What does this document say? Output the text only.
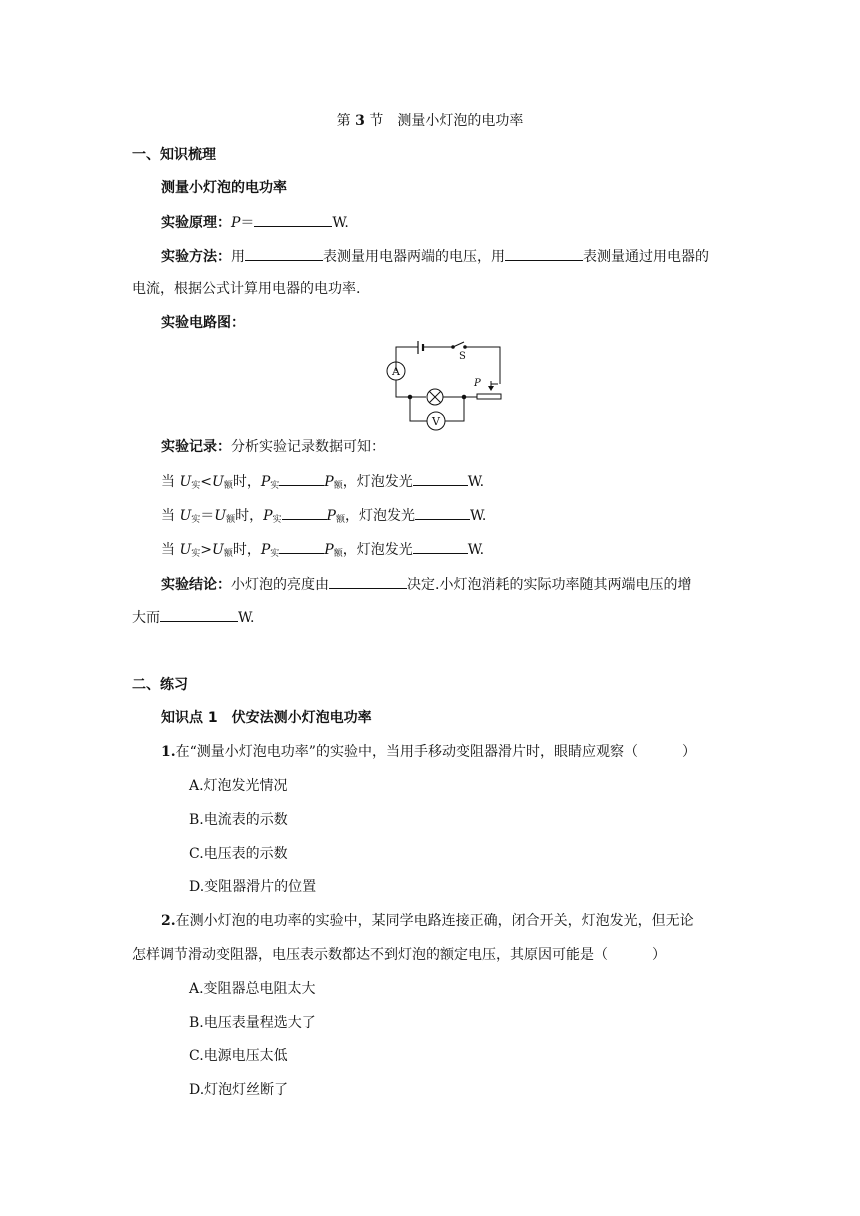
第 3 节　测量小灯泡的电功率
一、知识梳理
测量小灯泡的电功率
实验原理：P＝	W.
实验方法：用	表测量用电器两端的电压，用	表测量通过用电器的
电流，根据公式计算用电器的电功率.
实验电路图：
A
V
S
P
实验记录：分析实验记录数据可知：
当 $U_实<U_额$时，$P_实$	$P_额$，灯泡发光	W.
当 $U_实=U_额$时，$P_实$	$P_额$，灯泡发光	W.
当 $U_实>U_额$时，$P_实$	$P_额$，灯泡发光	W.
实验结论：小灯泡的亮度由	决定.小灯泡消耗的实际功率随其两端电压的增
大而	W.
二、练习
知识点 1　伏安法测小灯泡电功率
1.在“测量小灯泡电功率”的实验中，当用手移动变阻器滑片时，眼睛应观察（	）
A.灯泡发光情况
B.电流表的示数
C.电压表的示数
D.变阻器滑片的位置
2.在测小灯泡的电功率的实验中，某同学电路连接正确，闭合开关，灯泡发光，但无论
怎样调节滑动变阻器，电压表示数都达不到灯泡的额定电压，其原因可能是（	）
A.变阻器总电阻太大
B.电压表量程选大了
C.电源电压太低
D.灯泡灯丝断了
